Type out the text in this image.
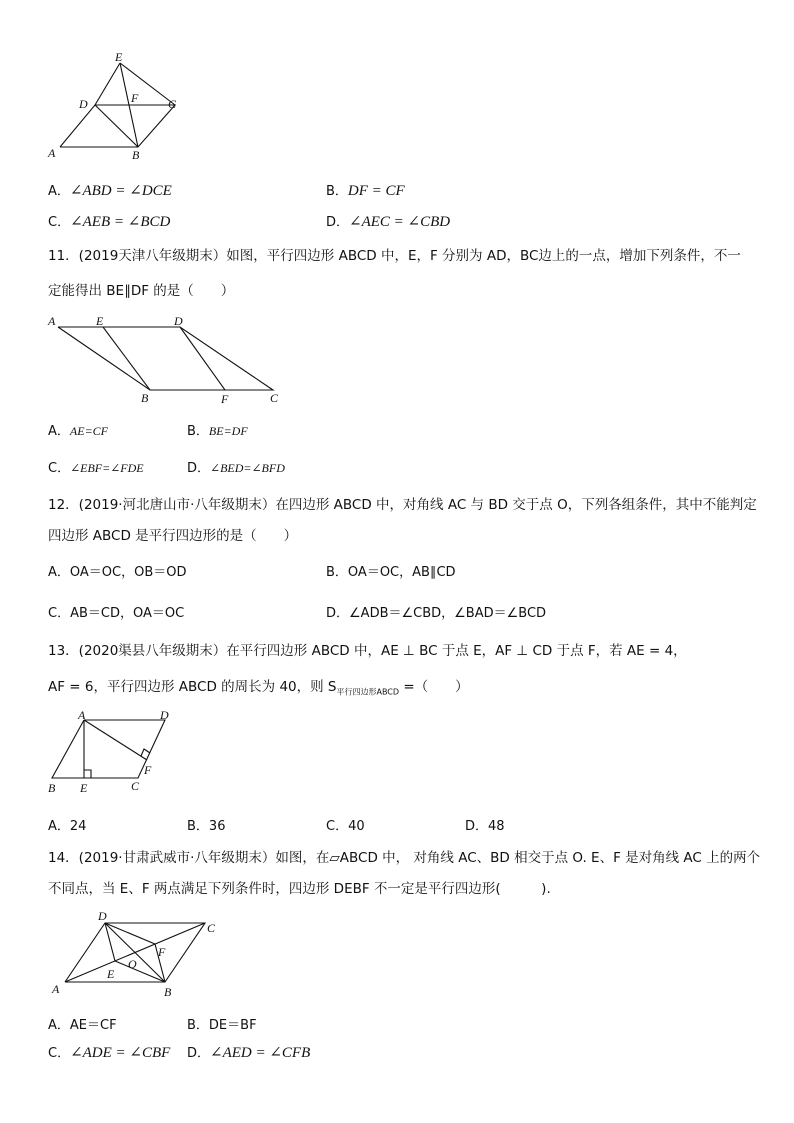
E
D	F C
A	B
A．∠ABD = ∠DCE	B．DF = CF
C．∠AEB = ∠BCD	D．∠AEC = ∠CBD
11．(2019天津八年级期末）如图，平行四边形 ABCD 中，E，F 分别为 AD，BC边上的一点，增加下列条件，不一
定能得出 BE∥DF 的是（　　）
A	E	D
B	F	C
A．AE=CF	B．BE=DF
C．∠EBF=∠FDE	D．∠BED=∠BFD
12．(2019·河北唐山市·八年级期末）在四边形 ABCD 中，对角线 AC 与 BD 交于点 O，下列各组条件，其中不能判定
四边形 ABCD 是平行四边形的是（　　）
A．OA＝OC，OB＝OD	B．OA＝OC，AB∥CD
C．AB＝CD，OA＝OC	D．∠ADB＝∠CBD，∠BAD＝∠BCD
13．(2020渠县八年级期末）在平行四边形 ABCD 中，AE ⊥ BC 于点 E，AF ⊥ CD 于点 F，若 AE = 4，
AF = 6，平行四边形 ABCD 的周长为 40，则 $S_{平行四边形ABCD}$ =（　　）
A	D
F
B E	C
A．24	B．36	C．40	D．48
14．(2019·甘肃武威市·八年级期末）如图，在▱ABCD 中， 对角线 AC、BD 相交于点 O. E、F 是对角线 AC 上的两个
不同点，当 E、F 两点满足下列条件时，四边形 DEBF 不一定是平行四边形(　　　).
D
C
F
O
E
A	B
A．AE＝CF	B．DE＝BF
C．∠ADE = ∠CBF D．∠AED = ∠CFB
